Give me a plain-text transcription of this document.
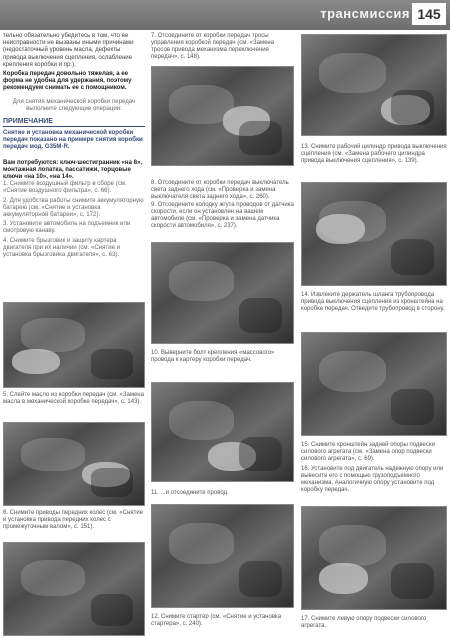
трансмиссия 145

тельно обязательно убедитесь в том, что ее неисправности не вызваны иными причинами (недостаточный уровень масла, дефекты привода выключения сцепления, ослабление крепления коробки и пр.).

Коробка передач довольно тяжелая, а ее форма не удобна для удержания, поэтому рекомендуем снимать ее с помощником.

Для снятия механической коробки передач выполните следующие операции:

ПРИМЕЧАНИЕ

Снятие и установка механической коробки передач показано на примере снятия коробки передач мод. G35M-R.

Вам потребуются: ключ-шестигранник «на 8», монтажная лопатка, пассатижи, торцовые ключи «на 10», «на 14».

1. Снимите воздушный фильтр в сборе (см. «Снятие воздушного фильтра», с. 66).

2. Для удобства работы снимите аккумуляторную батарею (см. «Снятие и установка аккумуляторной батареи», с. 172).

3. Установите автомобиль на подъемник или смотровую канаву.

4. Снимите брызговик и защиту картера двигателя при их наличии (см. «Снятие и установка брызговика двигателя», с. 63).

5. Слейте масло из коробки передач (см. «Замена масла в механической коробке передач», с. 143).

6. Снимите приводы передних колес (см. «Снятие и установка привода передних колес с промежуточным валом», с. 151).

7. Отсоедините от коробки передач тросы управления коробкой передач (см. «Замена тросов привода механизма переключения передач», с. 148).

8. Отсоедините от коробки передач выключатель света заднего хода (см. «Проверка и замена выключателя света заднего хода», с. 260).

9. Отсоедините колодку жгута проводов от датчика скорости, если он установлен на вашем автомобиле (см. «Проверка и замена датчика скорости автомобиля», с. 237).

10. Выверните болт крепления «массового» провода к картеру коробки передач.

11. ...и отсоедините провод.

12. Снимите стартер (см. «Снятие и установка стартера», с. 240).

13. Снимите рабочий цилиндр привода выключения сцепления (см. «Замена рабочего цилиндра привода выключения сцепления», с. 139).

14. Извлеките держатель шланга трубопровода привода выключения сцепления из кронштейна на коробке передач. Отведите трубопровод в сторону.

15. Снимите кронштейн задней опоры подвески силового агрегата (см. «Замена опор подвески силового агрегата», с. 69).

16. Установите под двигатель надежную опору или вывесите его с помощью грузоподъемного механизма. Аналогичную опору установите под коробку передач.

17. Снимите левую опору подвески силового агрегата.
